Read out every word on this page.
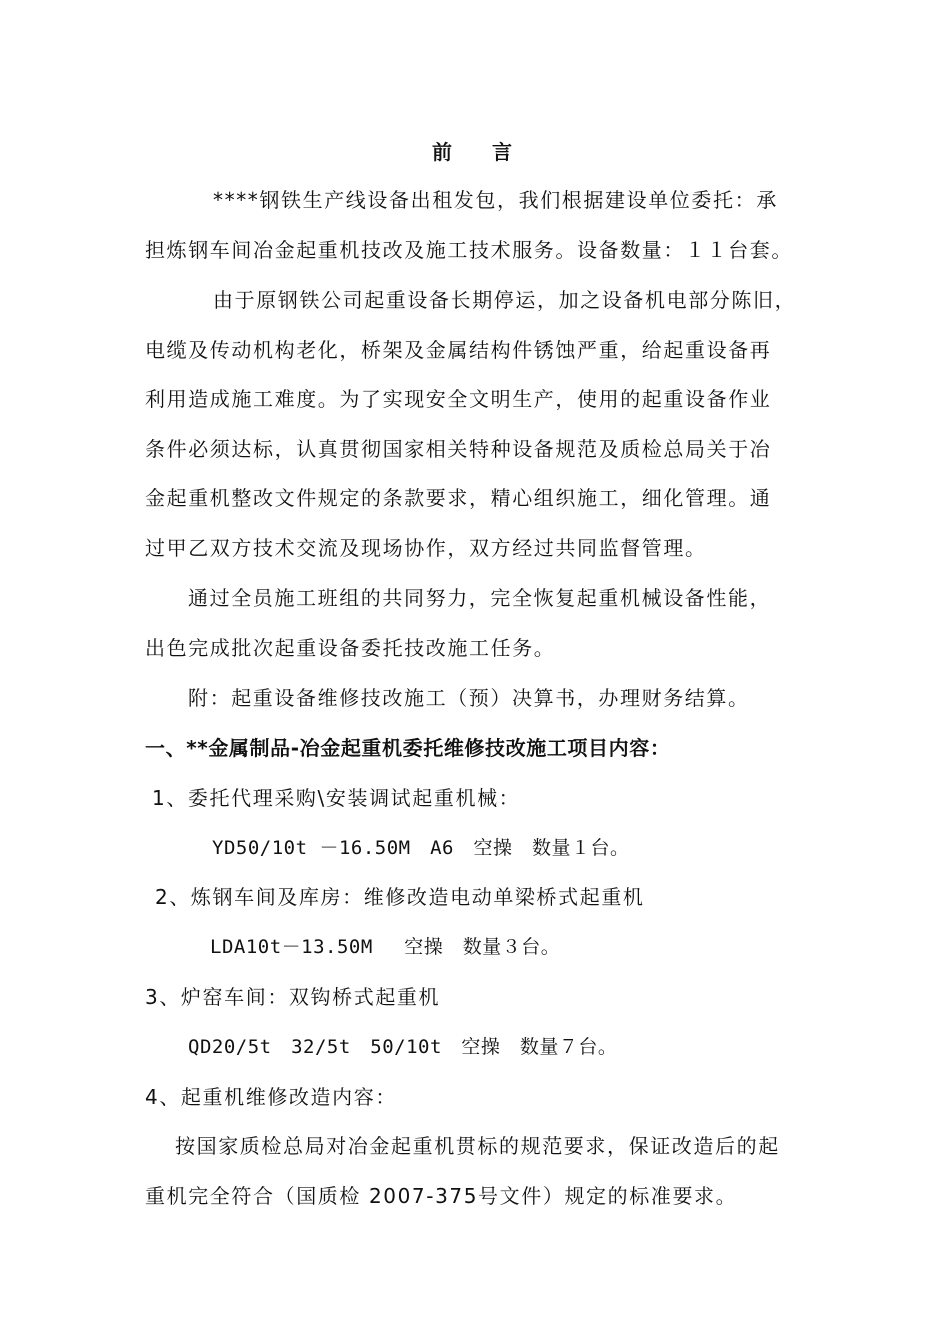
前　　言
****钢铁生产线设备出租发包，我们根据建设单位委托：承
担炼钢车间冶金起重机技改及施工技术服务。设备数量：１１台套。
由于原钢铁公司起重设备长期停运，加之设备机电部分陈旧，
电缆及传动机构老化，桥架及金属结构件锈蚀严重，给起重设备再
利用造成施工难度。为了实现安全文明生产，使用的起重设备作业
条件必须达标，认真贯彻国家相关特种设备规范及质检总局关于冶
金起重机整改文件规定的条款要求，精心组织施工，细化管理。通
过甲乙双方技术交流及现场协作，双方经过共同监督管理。
通过全员施工班组的共同努力，完全恢复起重机械设备性能，
出色完成批次起重设备委托技改施工任务。
附：起重设备维修技改施工（预）决算书，办理财务结算。
一、**金属制品-冶金起重机委托维修技改施工项目内容：
1、委托代理采购\安装调试起重机械：
YD50/10t －16.50M　A6　空操　数量１台。
2、炼钢车间及库房：维修改造电动单梁桥式起重机
LDA10t－13.50M　 空操　数量３台。
3、炉窑车间：双钩桥式起重机
QD20/5t　32/5t　50/10t　空操　数量７台。
4、起重机维修改造内容：
按国家质检总局对冶金起重机贯标的规范要求，保证改造后的起
重机完全符合（国质检 2007-375号文件）规定的标准要求。
